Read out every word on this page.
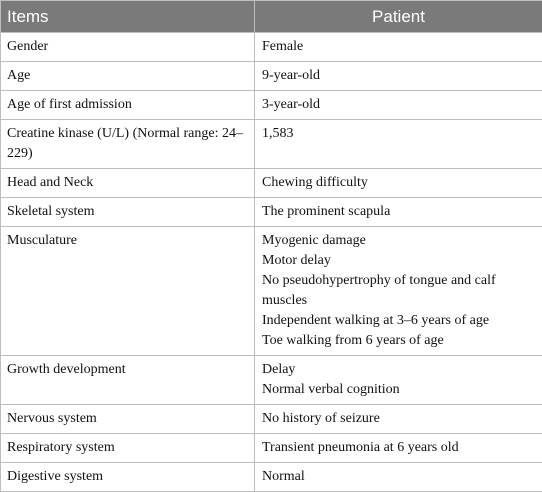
Items	Patient
Gender	Female

Age	9-year-old

Age of first admission	3-year-old

Creatine kinase (U/L) (Normal range: 24–229)	1,583

Head and Neck	Chewing difficulty

Skeletal system	The prominent scapula

Musculature	Myogenic damage
Motor delay
No pseudohypertrophy of tongue and calf muscles
Independent walking at 3–6 years of age
Toe walking from 6 years of age

Growth development	Delay
Normal verbal cognition

Nervous system	No history of seizure

Respiratory system	Transient pneumonia at 6 years old

Digestive system	Normal
